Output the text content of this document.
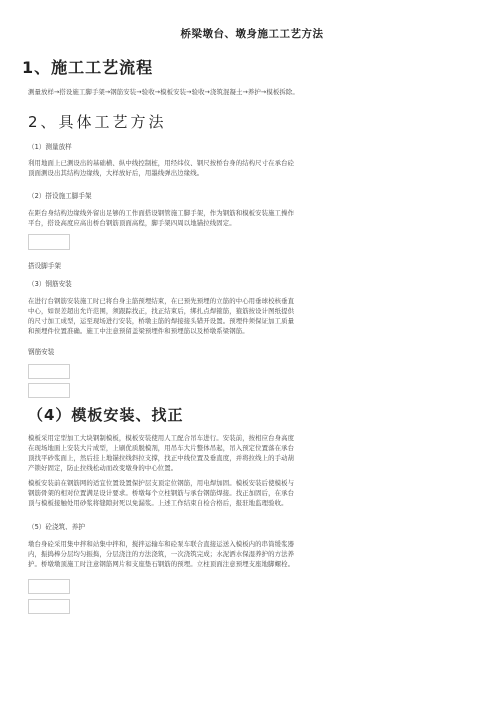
桥梁墩台、墩身施工工艺方法
1、施工工艺流程
测量放样→搭设施工脚手架→钢筋安装→验收→模板安装→验收→浇筑混凝土→养护→模板拆除。
2、具体工艺方法
（1）测量放样
利用地面上已测设出的基础横、纵中线控制桩，用经纬仪、钢尺按桥台身的结构尺寸在承台砼
顶面测设出其结构边缘线，大样放好后，用墨线弹出边缘线。
（2）搭设施工脚手架
在距台身结构边缘线外留出足够的工作面搭设钢管施工脚手架，作为钢筋和模板安装施工操作
平台，搭设高度应高出桥台钢筋顶面高程，脚手架四周以地锚拉线固定。
搭设脚手架
（3）钢筋安装
在进行台钢筋安装施工时已将台身主筋预埋结束，在已预先预埋的立筋的中心用垂球校核垂直
中心，如误差超出允许范围，须跟踪找正，找正结束后，绑扎点焊箍筋，箍筋按设计图纸提供
的尺寸加工成型，运至现场进行安装，桥墩主筋的焊接接头错开设置。预埋件须保证加工质量
和预埋件位置准确。施工中注意预留盖梁预埋件和预埋筋以及桥墩系梁钢筋。
钢筋安装
（4）模板安装、找正
模板采用定型加工大块钢制模板，模板安装使用人工配合吊车进行。安装前，按相应台身高度
在现场地面上安装大片成型，上刷优质脱模剂，用吊车大片整体吊起，吊入预定位置落在承台
顶找平砂浆面上，然后挂上地锚拉线斜拉支撑，找正中线位置及垂直度，并将拉线上的手动葫
产锁好固定，防止拉线松动而改变墩身的中心位置。
模板安装前在钢筋网的适宜位置设置保护层支顶定位钢筋，用电焊加固。模板安装后使模板与
钢筋骨架的相对位置满足设计要求。桥墩每个立柱钢筋与承台钢筋焊接。找正加固后，在承台
顶与模板接触处用砂浆将缝隙封死以免漏浆。上述工作结束自检合格后，报驻地监理验收。
（5）砼浇筑、养护
墩台身砼采用集中拌和站集中拌和，搅拌运输车和砼泵车联合直接运送入模板内的串筒缓浆器
内，振捣棒分层均匀振捣，分层浇注的方法浇筑，一次浇筑完成；水泥洒水保湿养护的方法养
护。桥墩墩顶施工时注意钢筋网片和支座垫石钢筋的预埋。立柱顶面注意预埋支座地脚螺栓。
